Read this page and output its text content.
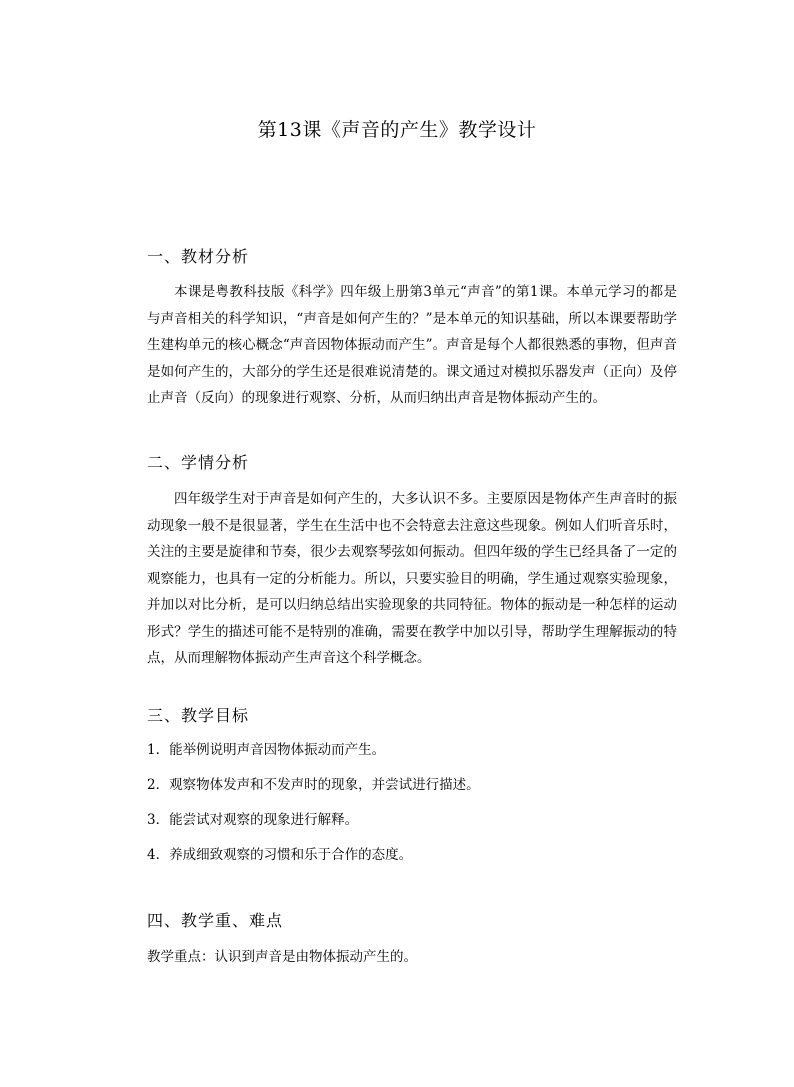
第13课《声音的产生》教学设计

一、教材分析

本课是粤教科技版《科学》四年级上册第3单元“声音”的第1课。本单元学习的都是与声音相关的科学知识，“声音是如何产生的？”是本单元的知识基础，所以本课要帮助学生建构单元的核心概念“声音因物体振动而产生”。声音是每个人都很熟悉的事物，但声音是如何产生的，大部分的学生还是很难说清楚的。课文通过对模拟乐器发声（正向）及停止声音（反向）的现象进行观察、分析，从而归纳出声音是物体振动产生的。

二、学情分析

四年级学生对于声音是如何产生的，大多认识不多。主要原因是物体产生声音时的振动现象一般不是很显著，学生在生活中也不会特意去注意这些现象。例如人们听音乐时，关注的主要是旋律和节奏，很少去观察琴弦如何振动。但四年级的学生已经具备了一定的观察能力，也具有一定的分析能力。所以，只要实验目的明确，学生通过观察实验现象，并加以对比分析，是可以归纳总结出实验现象的共同特征。物体的振动是一种怎样的运动形式？学生的描述可能不是特别的准确，需要在教学中加以引导，帮助学生理解振动的特点，从而理解物体振动产生声音这个科学概念。

三、教学目标

1．能举例说明声音因物体振动而产生。

2．观察物体发声和不发声时的现象，并尝试进行描述。

3．能尝试对观察的现象进行解释。

4．养成细致观察的习惯和乐于合作的态度。

四、教学重、难点

教学重点：认识到声音是由物体振动产生的。
